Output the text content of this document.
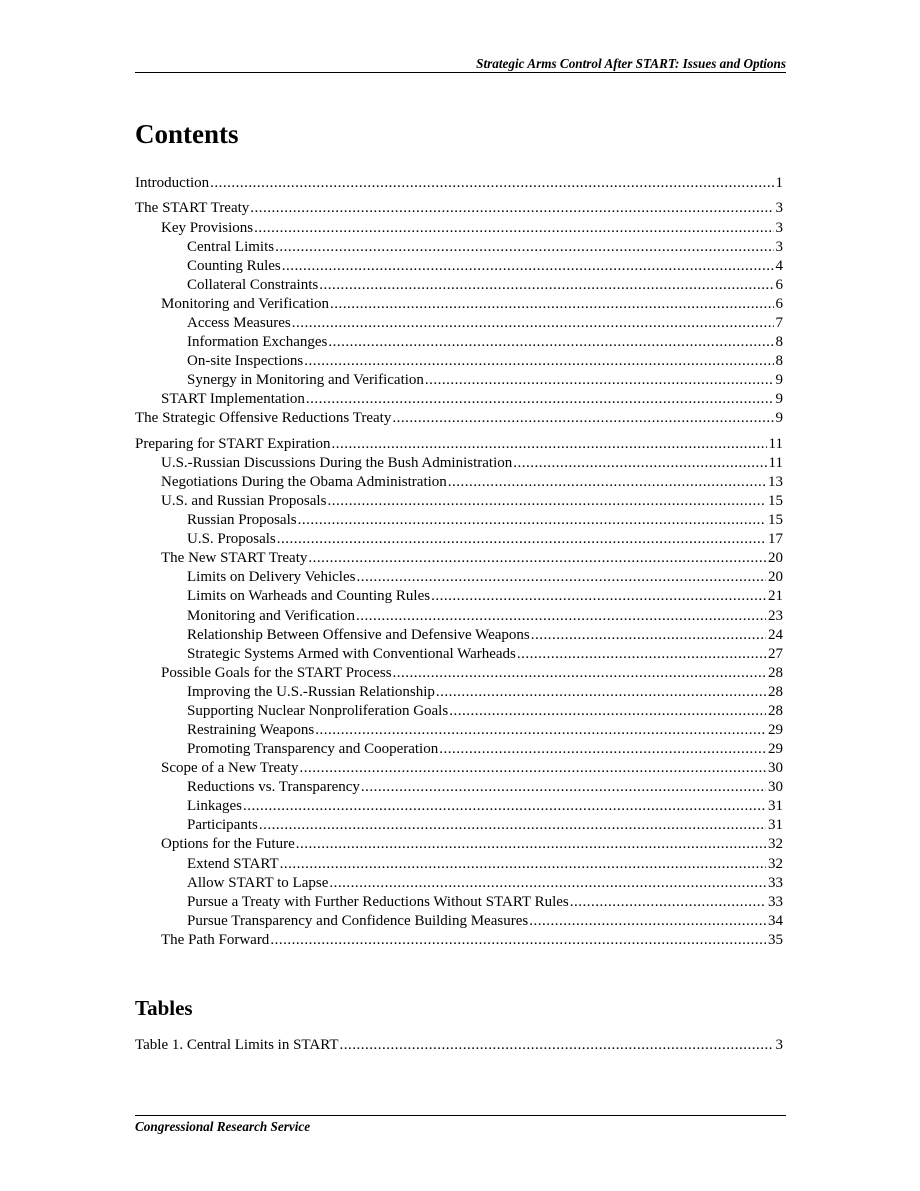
Strategic Arms Control After START: Issues and Options
Contents
Introduction .....	1
The START Treaty .....	3
Key Provisions .....	3
Central Limits .....	3
Counting Rules .....	4
Collateral Constraints .....	6
Monitoring and Verification .....	6
Access Measures .....	7
Information Exchanges .....	8
On-site Inspections .....	8
Synergy in Monitoring and Verification .....	9
START Implementation .....	9
The Strategic Offensive Reductions Treaty .....	9
Preparing for START Expiration .....	11
U.S.-Russian Discussions During the Bush Administration .....	11
Negotiations During the Obama Administration .....	13
U.S. and Russian Proposals .....	15
Russian Proposals .....	15
U.S. Proposals .....	17
The New START Treaty .....	20
Limits on Delivery Vehicles .....	20
Limits on Warheads and Counting Rules .....	21
Monitoring and Verification .....	23
Relationship Between Offensive and Defensive Weapons .....	24
Strategic Systems Armed with Conventional Warheads .....	27
Possible Goals for the START Process .....	28
Improving the U.S.-Russian Relationship .....	28
Supporting Nuclear Nonproliferation Goals .....	28
Restraining Weapons .....	29
Promoting Transparency and Cooperation .....	29
Scope of a New Treaty .....	30
Reductions vs. Transparency .....	30
Linkages .....	31
Participants .....	31
Options for the Future .....	32
Extend START .....	32
Allow START to Lapse .....	33
Pursue a Treaty with Further Reductions Without START Rules .....	33
Pursue Transparency and Confidence Building Measures .....	34
The Path Forward .....	35
Tables
Table 1. Central Limits in START .....	3
Congressional Research Service
